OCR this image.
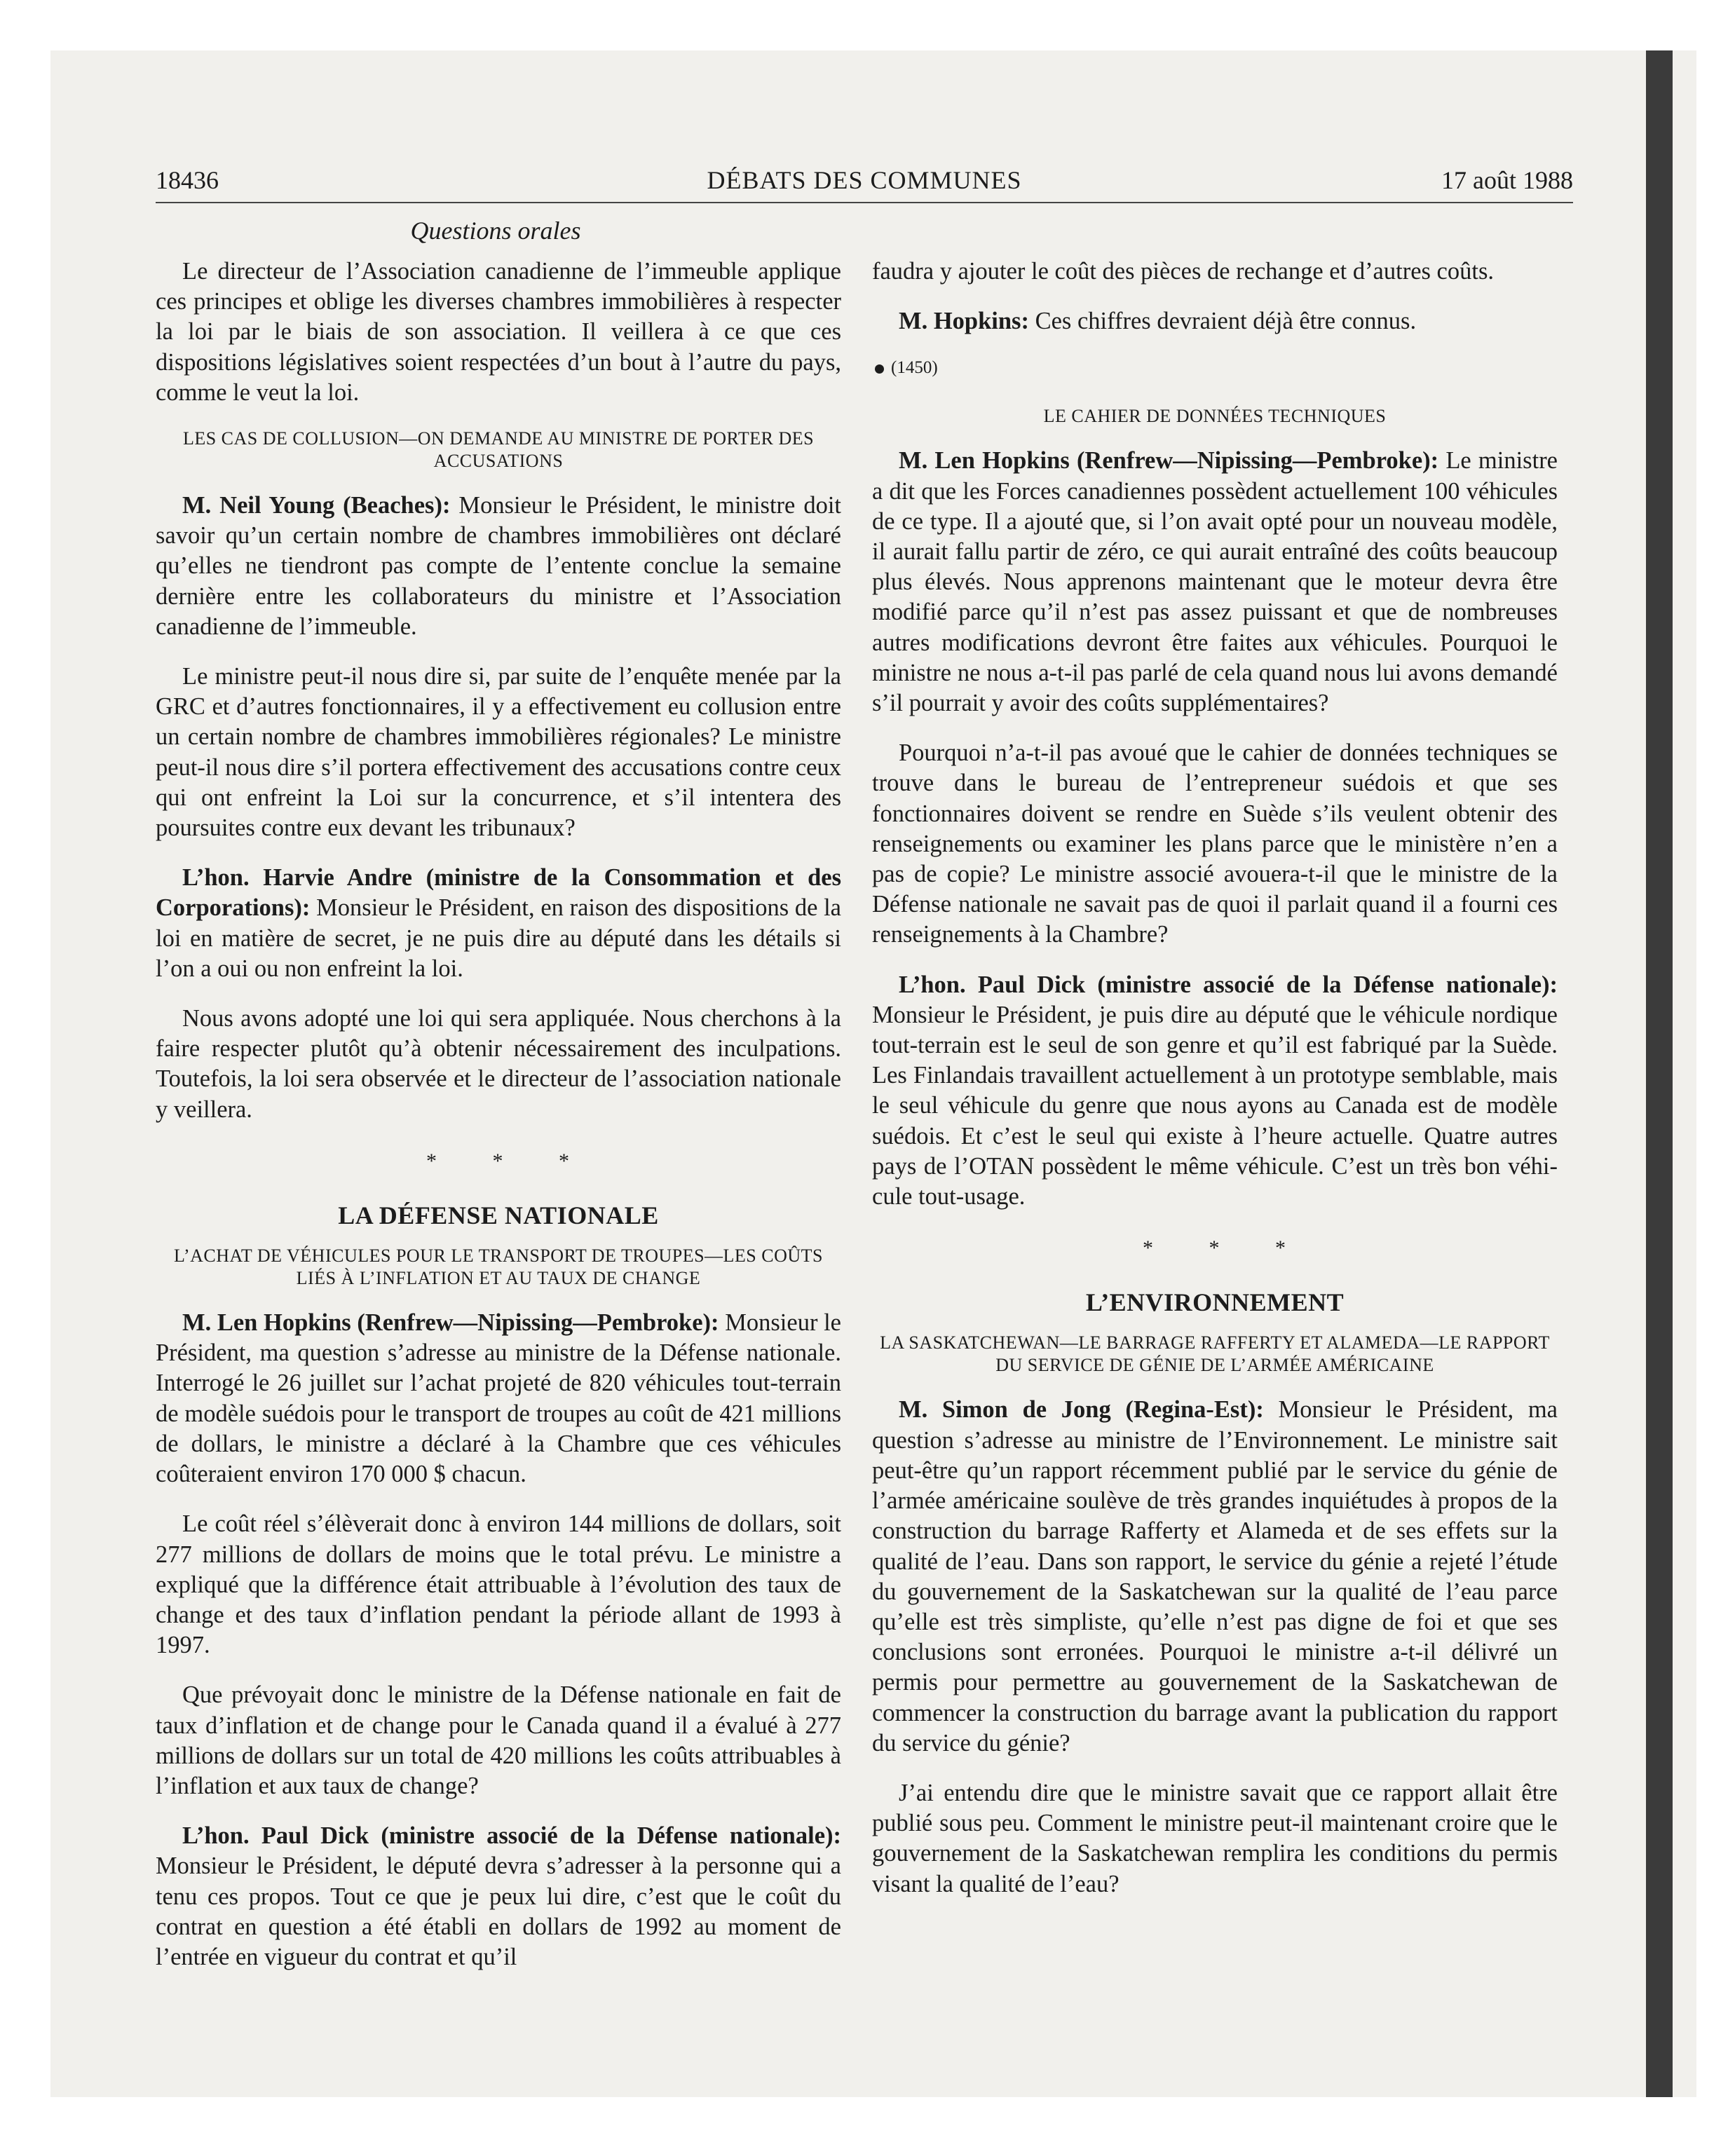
18436	DÉBATS DES COMMUNES	17 août 1988
Questions orales

Le directeur de l’Association canadienne de l’immeuble applique ces principes et oblige les diverses chambres immobilières à respecter la loi par le biais de son association. Il veillera à ce que ces dispositions législatives soient respectées d’un bout à l’autre du pays, comme le veut la loi.

LES CAS DE COLLUSION—ON DEMANDE AU MINISTRE DE PORTER DES ACCUSATIONS

M. Neil Young (Beaches): Monsieur le Président, le ministre doit savoir qu’un certain nombre de chambres immobilières ont déclaré qu’elles ne tiendront pas compte de l’entente conclue la semaine dernière entre les collaborateurs du ministre et l’Association canadienne de l’immeuble.

Le ministre peut-il nous dire si, par suite de l’enquête menée par la GRC et d’autres fonctionnaires, il y a effectivement eu collusion entre un certain nombre de chambres immobilières régionales? Le ministre peut-il nous dire s’il portera effectivement des accusations contre ceux qui ont enfreint la Loi sur la concurrence, et s’il intentera des poursuites contre eux devant les tribunaux?

L’hon. Harvie Andre (ministre de la Consommation et des Corporations): Monsieur le Président, en raison des dispositions de la loi en matière de secret, je ne puis dire au député dans les détails si l’on a oui ou non enfreint la loi.

Nous avons adopté une loi qui sera appliquée. Nous cherchons à la faire respecter plutôt qu’à obtenir nécessairement des inculpations. Toutefois, la loi sera observée et le directeur de l’association nationale y veillera.

* * *
LA DÉFENSE NATIONALE
L’ACHAT DE VÉHICULES POUR LE TRANSPORT DE TROUPES—LES COÛTS LIÉS À L’INFLATION ET AU TAUX DE CHANGE

M. Len Hopkins (Renfrew—Nipissing—Pembroke): Monsieur le Président, ma question s’adresse au ministre de la Défense nationale. Interrogé le 26 juillet sur l’achat projeté de 820 véhicules tout-terrain de modèle suédois pour le transport de troupes au coût de 421 millions de dollars, le ministre a déclaré à la Chambre que ces véhicules coûteraient environ 170 000 $ chacun.

Le coût réel s’élèverait donc à environ 144 millions de dollars, soit 277 millions de dollars de moins que le total prévu. Le ministre a expliqué que la différence était attribuable à l’évolution des taux de change et des taux d’inflation pendant la période allant de 1993 à 1997.

Que prévoyait donc le ministre de la Défense nationale en fait de taux d’inflation et de change pour le Canada quand il a évalué à 277 millions de dollars sur un total de 420 millions les coûts attribuables à l’inflation et aux taux de change?

L’hon. Paul Dick (ministre associé de la Défense nationale): Monsieur le Président, le député devra s’adresser à la personne qui a tenu ces propos. Tout ce que je peux lui dire, c’est que le coût du contrat en question a été établi en dollars de 1992 au moment de l’entrée en vigueur du contrat et qu’il

faudra y ajouter le coût des pièces de rechange et d’autres coûts.

M. Hopkins: Ces chiffres devraient déjà être connus.

(1450)
LE CAHIER DE DONNÉES TECHNIQUES

M. Len Hopkins (Renfrew—Nipissing—Pembroke): Le ministre a dit que les Forces canadiennes possèdent actuellement 100 véhicules de ce type. Il a ajouté que, si l’on avait opté pour un nouveau modèle, il aurait fallu partir de zéro, ce qui aurait entraîné des coûts beaucoup plus élevés. Nous apprenons maintenant que le moteur devra être modifié parce qu’il n’est pas assez puissant et que de nombreuses autres modifications devront être faites aux véhicules. Pourquoi le ministre ne nous a-t-il pas parlé de cela quand nous lui avons demandé s’il pourrait y avoir des coûts supplémentaires?

Pourquoi n’a-t-il pas avoué que le cahier de données techniques se trouve dans le bureau de l’entrepreneur suédois et que ses fonctionnaires doivent se rendre en Suède s’ils veulent obtenir des renseignements ou examiner les plans parce que le ministère n’en a pas de copie? Le ministre associé avouera-t-il que le ministre de la Défense nationale ne savait pas de quoi il parlait quand il a fourni ces renseignements à la Chambre?

L’hon. Paul Dick (ministre associé de la Défense nationale): Monsieur le Président, je puis dire au député que le véhicule nordique tout-terrain est le seul de son genre et qu’il est fabriqué par la Suède. Les Finlandais travaillent actuellement à un prototype semblable, mais le seul véhicule du genre que nous ayons au Canada est de modèle suédois. Et c’est le seul qui existe à l’heure actuelle. Quatre autres pays de l’OTAN possèdent le même véhicule. C’est un très bon véhicule tout-usage.

* * *
L’ENVIRONNEMENT
LA SASKATCHEWAN—LE BARRAGE RAFFERTY ET ALAMEDA—LE RAPPORT DU SERVICE DE GÉNIE DE L’ARMÉE AMÉRICAINE

M. Simon de Jong (Regina-Est): Monsieur le Président, ma question s’adresse au ministre de l’Environnement. Le ministre sait peut-être qu’un rapport récemment publié par le service du génie de l’armée américaine soulève de très grandes inquiétudes à propos de la construction du barrage Rafferty et Alameda et de ses effets sur la qualité de l’eau. Dans son rapport, le service du génie a rejeté l’étude du gouvernement de la Saskatchewan sur la qualité de l’eau parce qu’elle est très simpliste, qu’elle n’est pas digne de foi et que ses conclusions sont erronées. Pourquoi le ministre a-t-il délivré un permis pour permettre au gouvernement de la Saskatchewan de commencer la construction du barrage avant la publication du rapport du service du génie?

J’ai entendu dire que le ministre savait que ce rapport allait être publié sous peu. Comment le ministre peut-il maintenant croire que le gouvernement de la Saskatchewan remplira les conditions du permis visant la qualité de l’eau?
